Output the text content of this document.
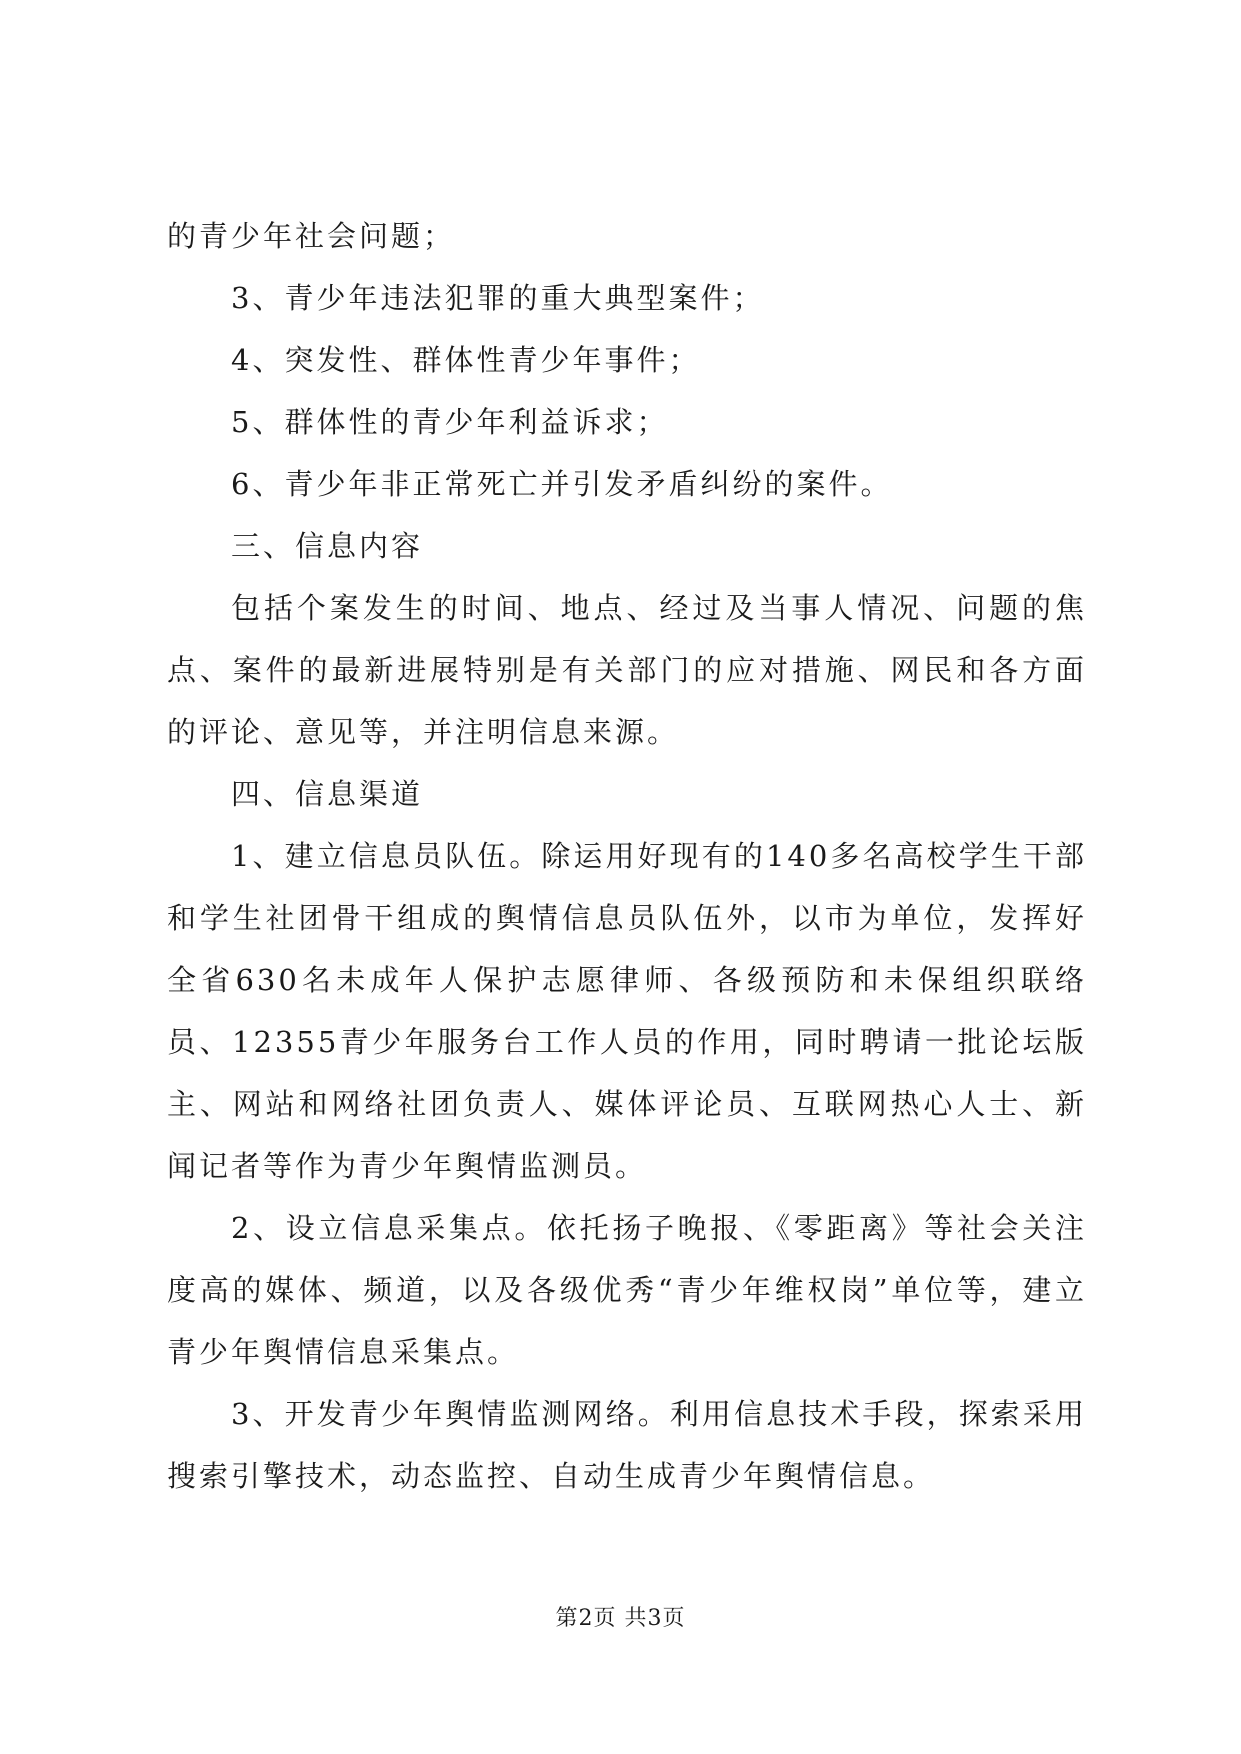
的青少年社会问题；

3、青少年违法犯罪的重大典型案件；

4、突发性、群体性青少年事件；

5、群体性的青少年利益诉求；

6、青少年非正常死亡并引发矛盾纠纷的案件。

三、信息内容

包括个案发生的时间、地点、经过及当事人情况、问题的焦点、案件的最新进展特别是有关部门的应对措施、网民和各方面的评论、意见等，并注明信息来源。

四、信息渠道

1、建立信息员队伍。除运用好现有的140多名高校学生干部和学生社团骨干组成的舆情信息员队伍外，以市为单位，发挥好全省630名未成年人保护志愿律师、各级预防和未保组织联络员、12355青少年服务台工作人员的作用，同时聘请一批论坛版主、网站和网络社团负责人、媒体评论员、互联网热心人士、新闻记者等作为青少年舆情监测员。

2、设立信息采集点。依托扬子晚报、《零距离》等社会关注度高的媒体、频道，以及各级优秀“青少年维权岗”单位等，建立青少年舆情信息采集点。

3、开发青少年舆情监测网络。利用信息技术手段，探索采用搜索引擎技术，动态监控、自动生成青少年舆情信息。

第2页 共3页
